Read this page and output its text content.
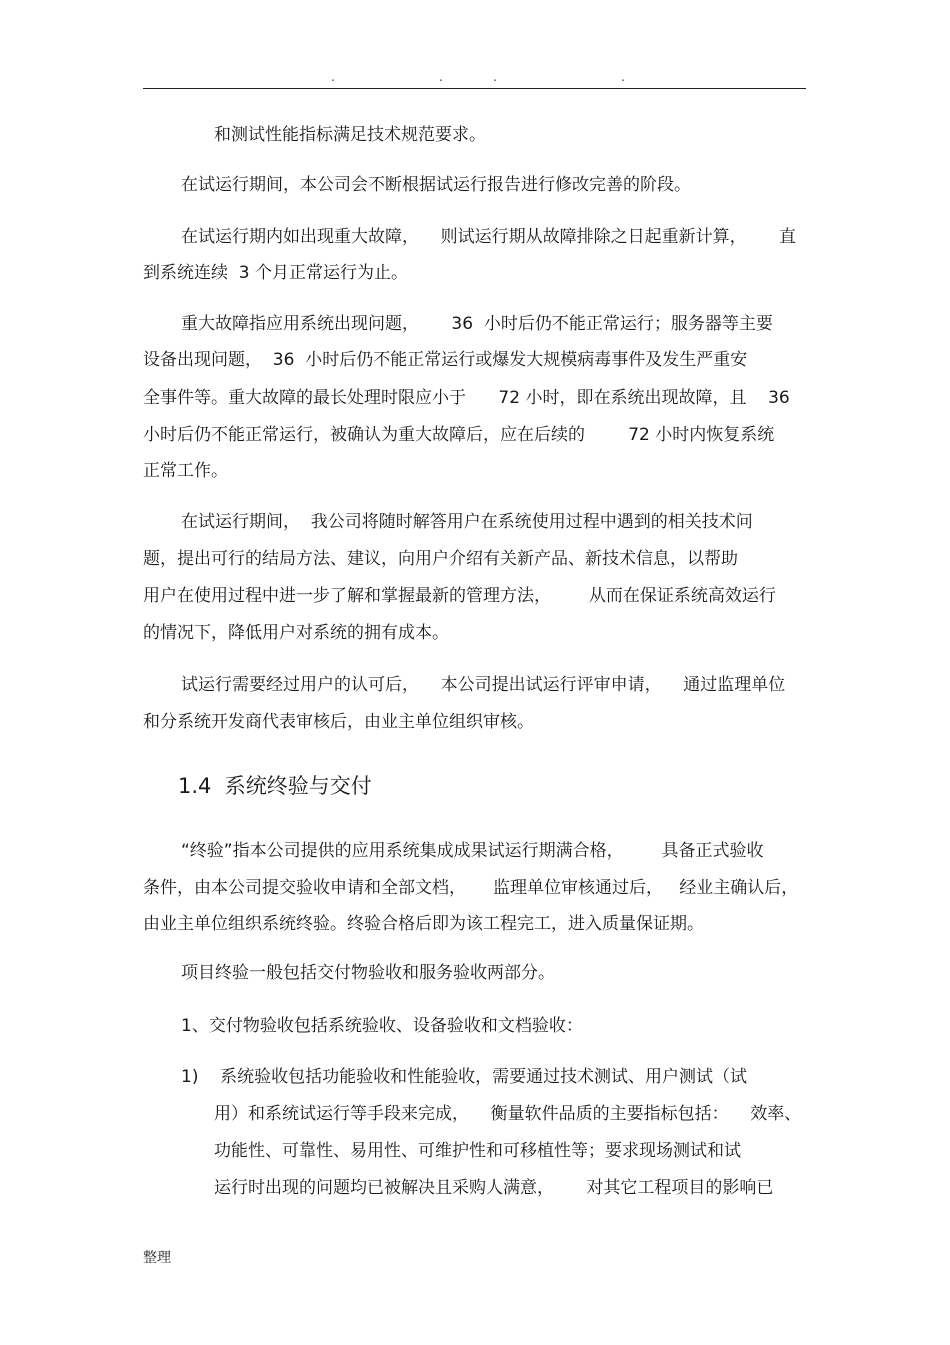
.	.	.	.
和测试性能指标满足技术规范要求。
在试运行期间，本公司会不断根据试运行报告进行修改完善的阶段。
在试运行期内如出现重大故障，    则试运行期从故障排除之日起重新计算，      直
到系统连续  3 个月正常运行为止。
重大故障指应用系统出现问题，      36  小时后仍不能正常运行；服务器等主要
设备出现问题，  36  小时后仍不能正常运行或爆发大规模病毒事件及发生严重安
全事件等。重大故障的最长处理时限应小于      72 小时，即在系统出现故障，且    36
小时后仍不能正常运行，被确认为重大故障后，应在后续的        72 小时内恢复系统
正常工作。
在试运行期间，  我公司将随时解答用户在系统使用过程中遇到的相关技术问
题，提出可行的结局方法、建议，向用户介绍有关新产品、新技术信息，以帮助
用户在使用过程中进一步了解和掌握最新的管理方法，       从而在保证系统高效运行
的情况下，降低用户对系统的拥有成本。
试运行需要经过用户的认可后，    本公司提出试运行评审申请，    通过监理单位
和分系统开发商代表审核后，由业主单位组织审核。
1.4  系统终验与交付
“终验”指本公司提供的应用系统集成成果试运行期满合格，       具备正式验收
条件，由本公司提交验收申请和全部文档，     监理单位审核通过后，   经业主确认后，
由业主单位组织系统终验。终验合格后即为该工程完工，进入质量保证期。
项目终验一般包括交付物验收和服务验收两部分。
1、交付物验收包括系统验收、设备验收和文档验收：
1)    系统验收包括功能验收和性能验收，需要通过技术测试、用户测试（试
用）和系统试运行等手段来完成，    衡量软件品质的主要指标包括：    效率、
功能性、可靠性、易用性、可维护性和可移植性等；要求现场测试和试
运行时出现的问题均已被解决且采购人满意，      对其它工程项目的影响已
整理
